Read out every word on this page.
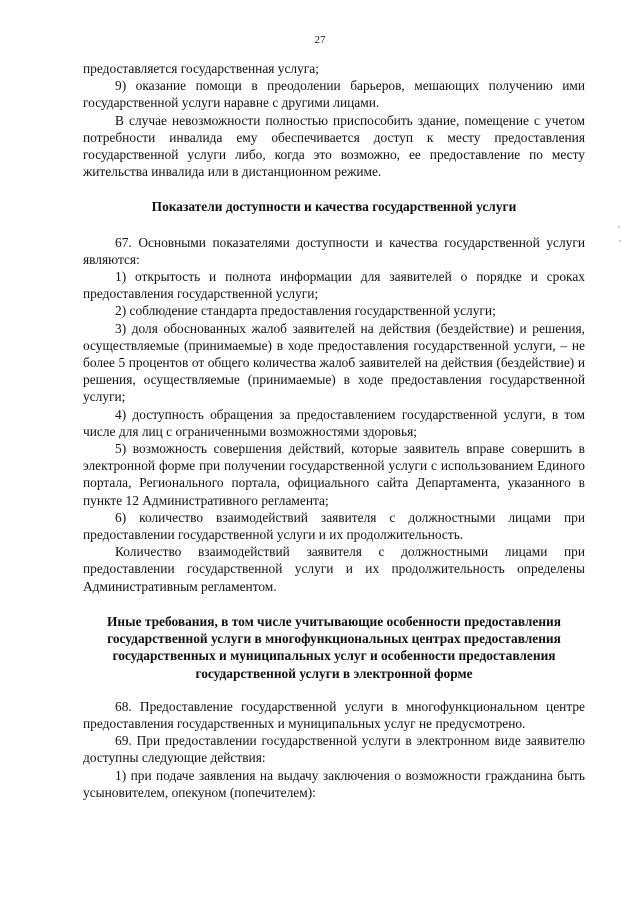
27

предоставляется государственная услуга;

9) оказание помощи в преодолении барьеров, мешающих получению ими государственной услуги наравне с другими лицами.

В случае невозможности полностью приспособить здание, помещение с учетом потребности инвалида ему обеспечивается доступ к месту предоставления государственной услуги либо, когда это возможно, ее предоставление по месту жительства инвалида или в дистанционном режиме.

Показатели доступности и качества государственной услуги

67. Основными показателями доступности и качества государственной услуги являются:

1) открытость и полнота информации для заявителей о порядке и сроках предоставления государственной услуги;

2) соблюдение стандарта предоставления государственной услуги;

3) доля обоснованных жалоб заявителей на действия (бездействие) и решения, осуществляемые (принимаемые) в ходе предоставления государственной услуги, – не более 5 процентов от общего количества жалоб заявителей на действия (бездействие) и решения, осуществляемые (принимаемые) в ходе предоставления государственной услуги;

4) доступность обращения за предоставлением государственной услуги, в том числе для лиц с ограниченными возможностями здоровья;

5) возможность совершения действий, которые заявитель вправе совершить в электронной форме при получении государственной услуги с использованием Единого портала, Регионального портала, официального сайта Департамента, указанного в пункте 12 Административного регламента;

6) количество взаимодействий заявителя с должностными лицами при предоставлении государственной услуги и их продолжительность.

Количество взаимодействий заявителя с должностными лицами при предоставлении государственной услуги и их продолжительность определены Административным регламентом.

Иные требования, в том числе учитывающие особенности предоставления государственной услуги в многофункциональных центрах предоставления государственных и муниципальных услуг и особенности предоставления государственной услуги в электронной форме

68. Предоставление государственной услуги в многофункциональном центре предоставления государственных и муниципальных услуг не предусмотрено.

69. При предоставлении государственной услуги в электронном виде заявителю доступны следующие действия:

1) при подаче заявления на выдачу заключения о возможности гражданина быть усыновителем, опекуном (попечителем):
